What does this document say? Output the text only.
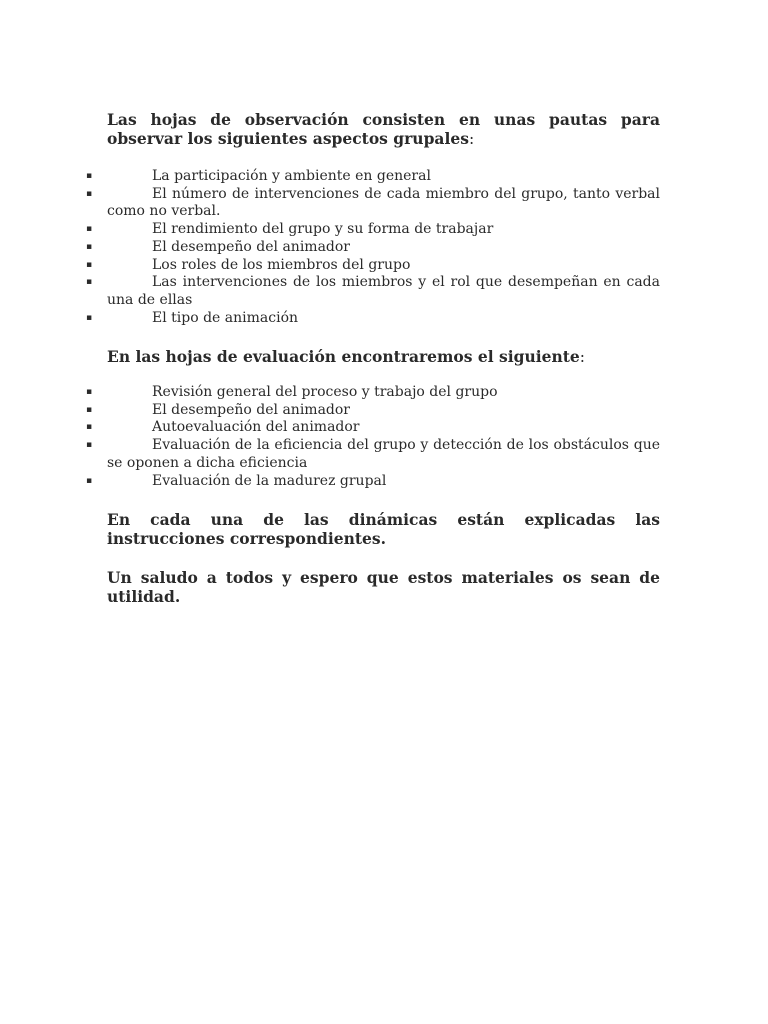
Las hojas de observación consisten en unas pautas para observar los siguientes aspectos grupales:

▪	La participación y ambiente en general
▪	El número de intervenciones de cada miembro del grupo, tanto verbal como no verbal.
▪	El rendimiento del grupo y su forma de trabajar
▪	El desempeño del animador
▪	Los roles de los miembros del grupo
▪	Las intervenciones de los miembros y el rol que desempeñan en cada una de ellas
▪	El tipo de animación

En las hojas de evaluación encontraremos el siguiente:

▪	Revisión general del proceso y trabajo del grupo
▪	El desempeño del animador
▪	Autoevaluación del animador
▪	Evaluación de la eficiencia del grupo y detección de los obstáculos que se oponen a dicha eficiencia
▪	Evaluación de la madurez grupal

En cada una de las dinámicas están explicadas las instrucciones correspondientes.

Un saludo a todos y espero que estos materiales os sean de utilidad.
